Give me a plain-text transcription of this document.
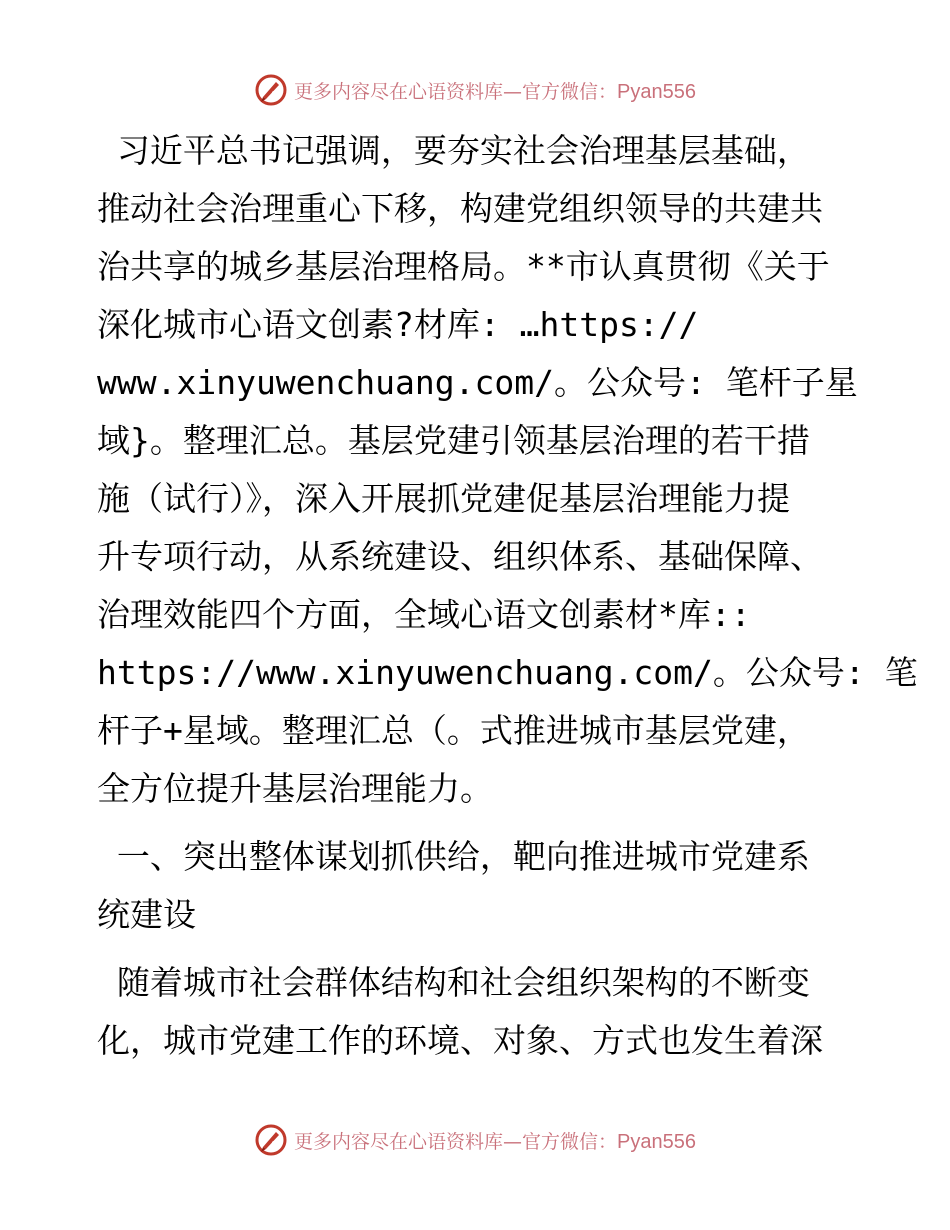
更多内容尽在心语资料库—官方微信：Pyan556
习近平总书记强调，要夯实社会治理基层基础，
推动社会治理重心下移，构建党组织领导的共建共
治共享的城乡基层治理格局。**市认真贯彻《关于
深化城市心语文创素?材库: …https://
www.xinyuwenchuang.com/。公众号: 笔杆子星
域}。整理汇总。基层党建引领基层治理的若干措
施（试行）》，深入开展抓党建促基层治理能力提
升专项行动，从系统建设、组织体系、基础保障、
治理效能四个方面，全域心语文创素材*库::
https://www.xinyuwenchuang.com/。公众号: 笔
杆子+星域。整理汇总（。式推进城市基层党建，
全方位提升基层治理能力。
一、突出整体谋划抓供给，靶向推进城市党建系
统建设
随着城市社会群体结构和社会组织架构的不断变
化，城市党建工作的环境、对象、方式也发生着深
更多内容尽在心语资料库—官方微信：Pyan556
